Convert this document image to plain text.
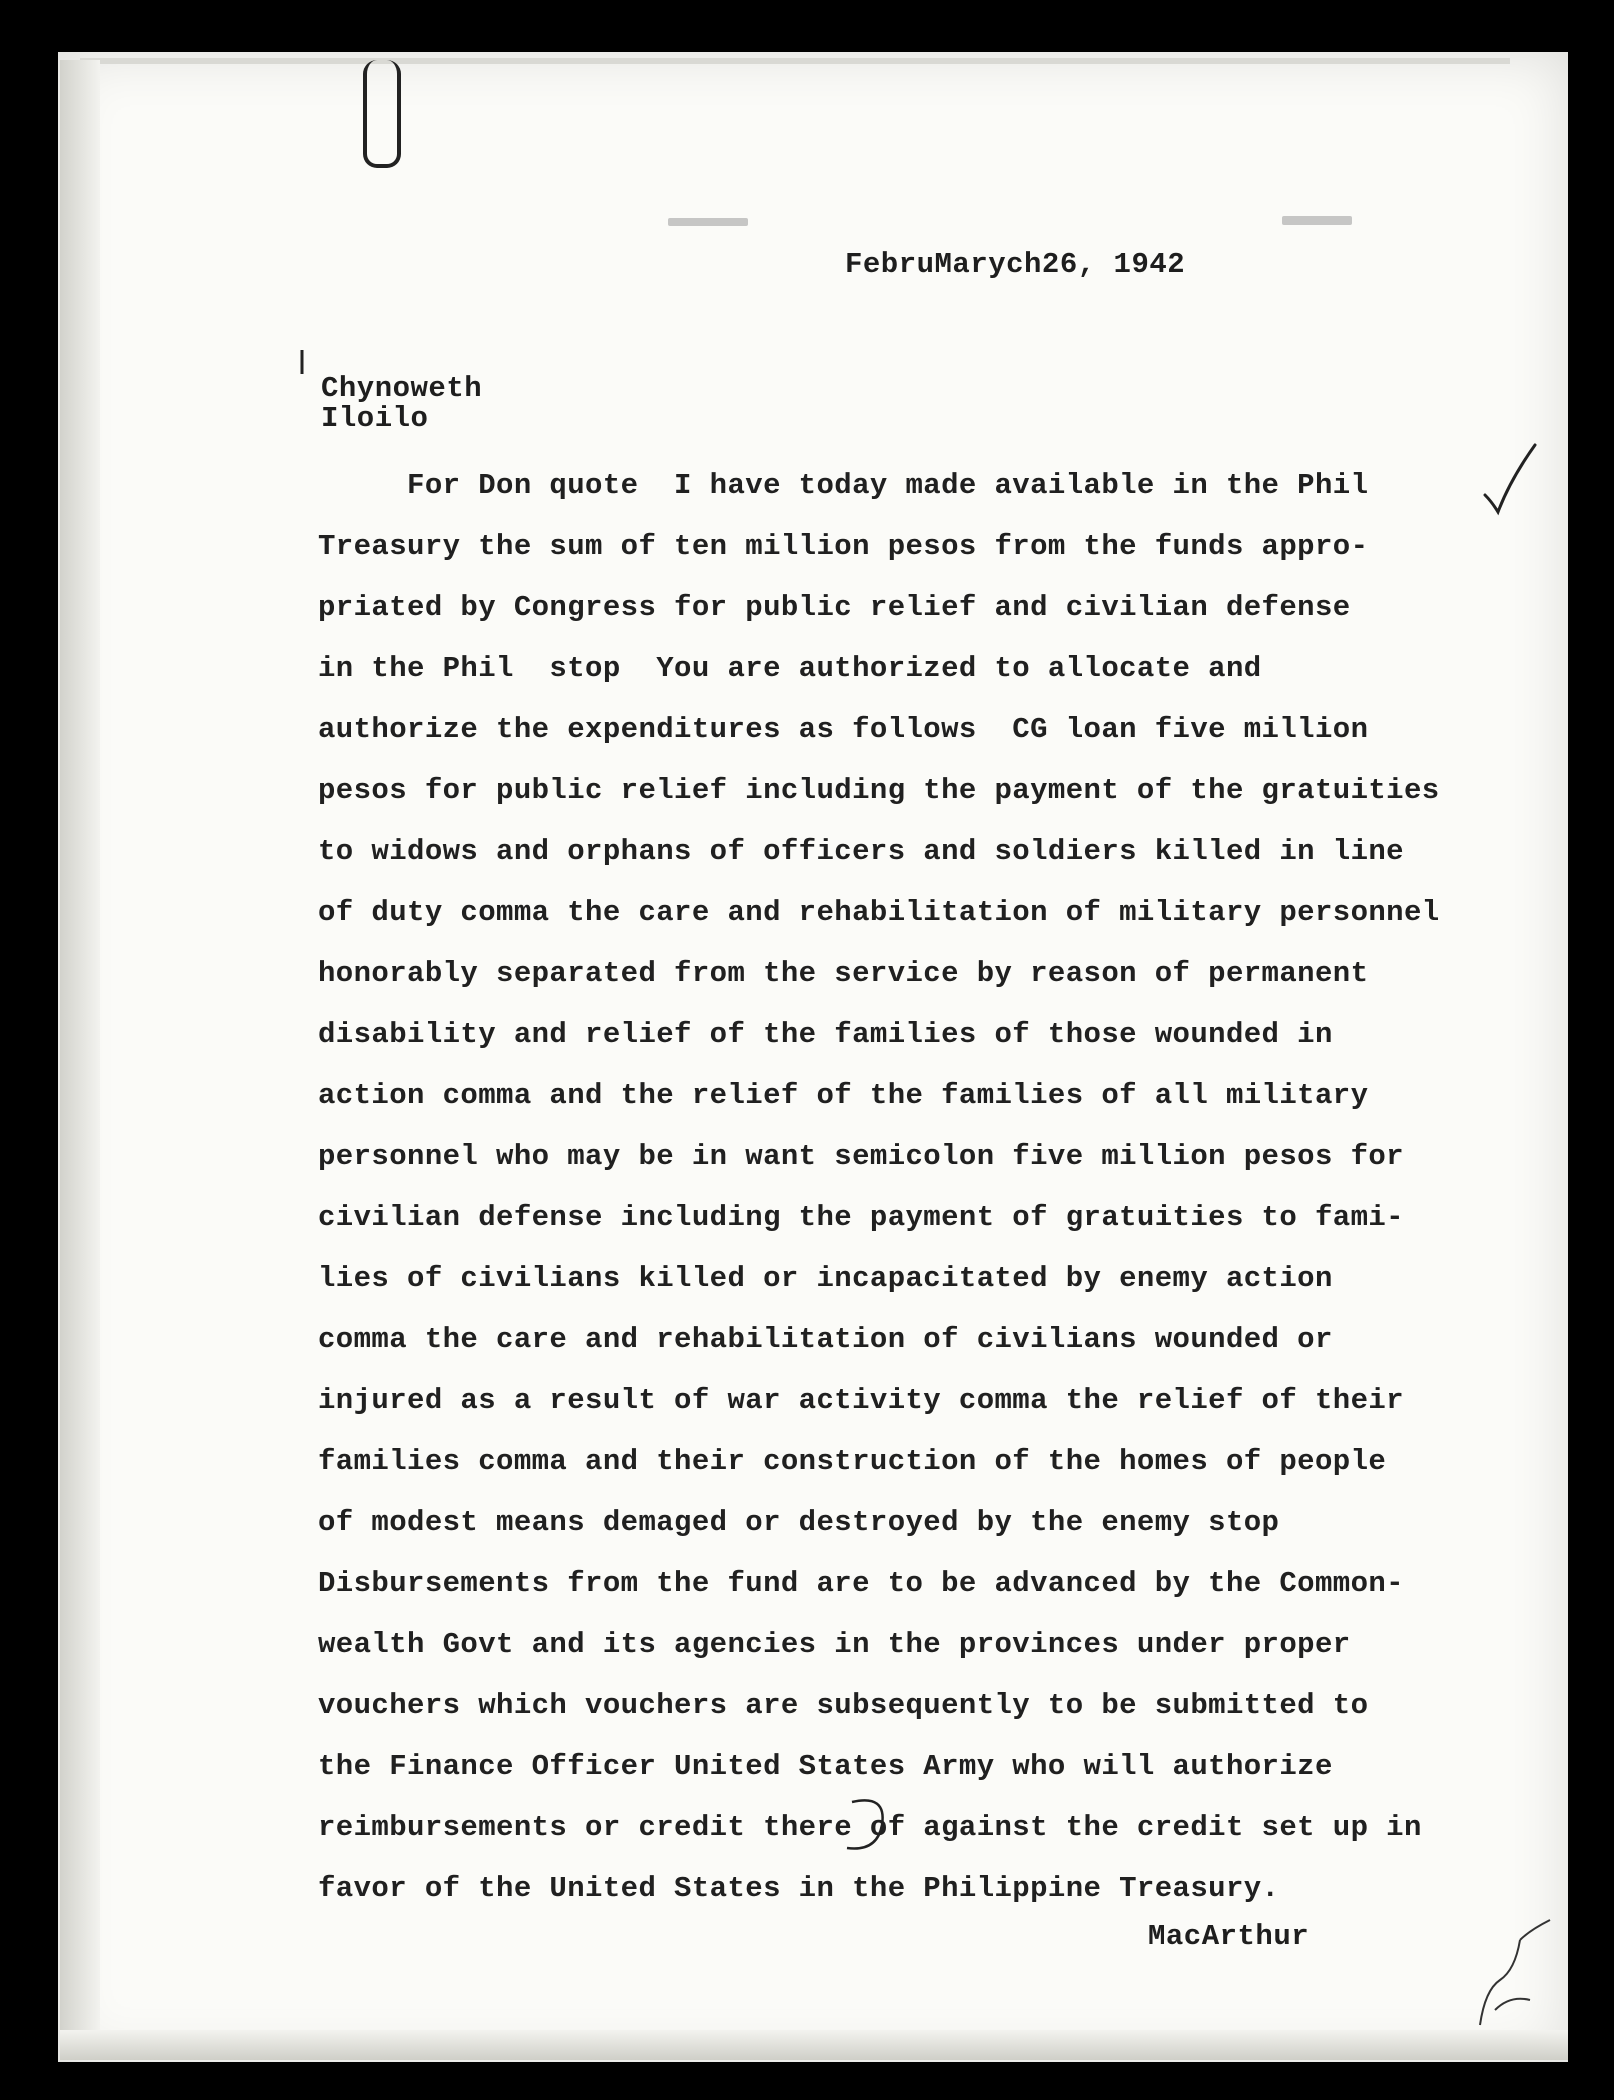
FebruMarych26, 1942

Chynoweth

Iloilo

For Don quote  I have today made available in the Phil
Treasury the sum of ten million pesos from the funds appro-
priated by Congress for public relief and civilian defense
in the Phil  stop  You are authorized to allocate and
authorize the expenditures as follows  CG loan five million
pesos for public relief including the payment of the gratuities
to widows and orphans of officers and soldiers killed in line
of duty comma the care and rehabilitation of military personnel
honorably separated from the service by reason of permanent
disability and relief of the families of those wounded in
action comma and the relief of the families of all military
personnel who may be in want semicolon five million pesos for
civilian defense including the payment of gratuities to fami-
lies of civilians killed or incapacitated by enemy action
comma the care and rehabilitation of civilians wounded or
injured as a result of war activity comma the relief of their
families comma and their construction of the homes of people
of modest means demaged or destroyed by the enemy stop
Disbursements from the fund are to be advanced by the Common-
wealth Govt and its agencies in the provinces under proper
vouchers which vouchers are subsequently to be submitted to
the Finance Officer United States Army who will authorize
reimbursements or credit there of against the credit set up in
favor of the United States in the Philippine Treasury.

MacArthur
